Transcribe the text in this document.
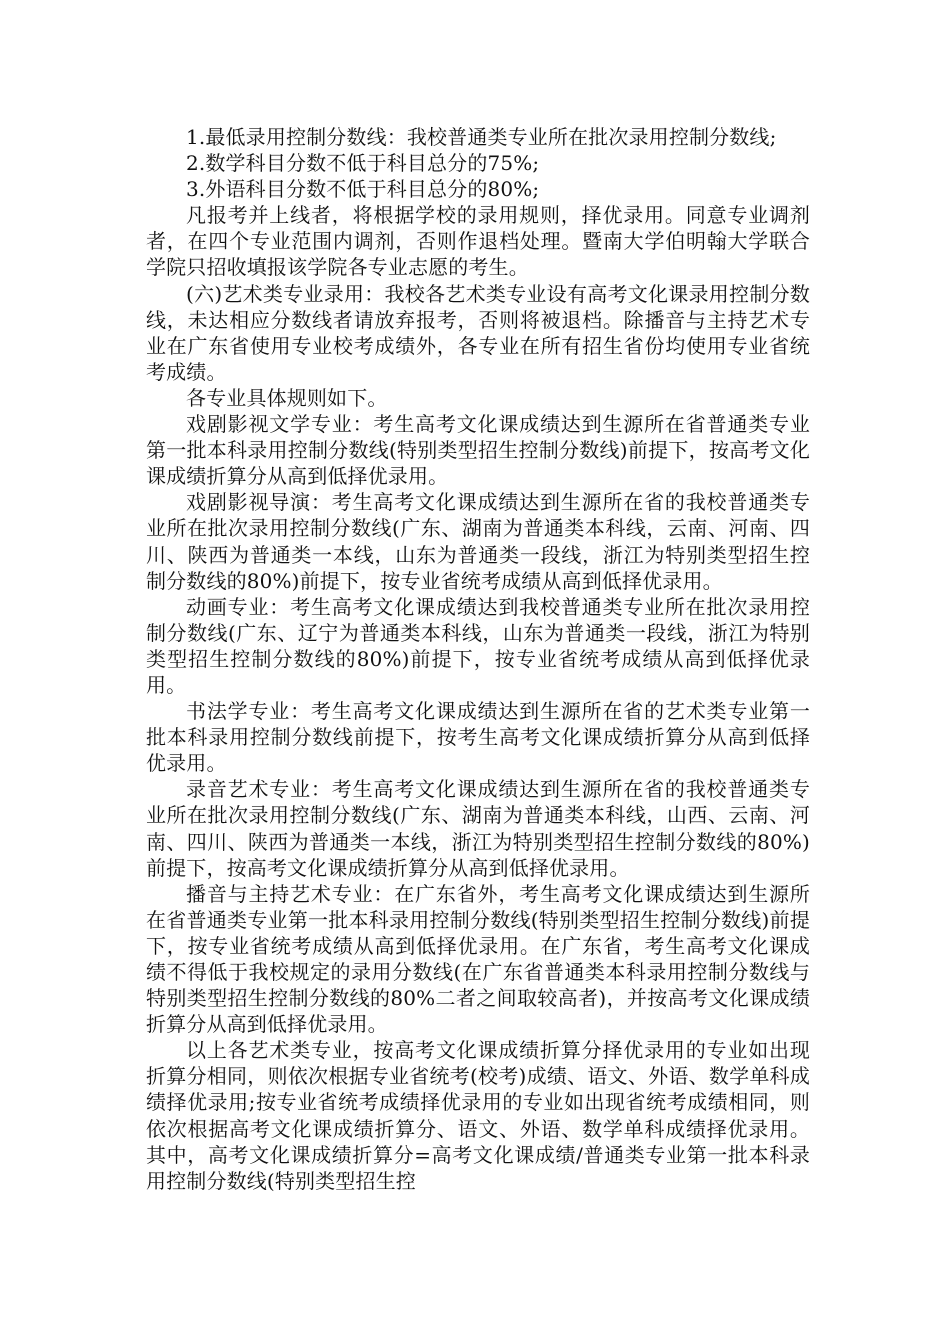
1.最低录用控制分数线：我校普通类专业所在批次录用控制分数线;

2.数学科目分数不低于科目总分的75%;

3.外语科目分数不低于科目总分的80%;

凡报考并上线者，将根据学校的录用规则，择优录用。同意专业调剂者，在四个专业范围内调剂，否则作退档处理。暨南大学伯明翰大学联合学院只招收填报该学院各专业志愿的考生。

(六)艺术类专业录用：我校各艺术类专业设有高考文化课录用控制分数线，未达相应分数线者请放弃报考，否则将被退档。除播音与主持艺术专业在广东省使用专业校考成绩外，各专业在所有招生省份均使用专业省统考成绩。

各专业具体规则如下。

戏剧影视文学专业：考生高考文化课成绩达到生源所在省普通类专业第一批本科录用控制分数线(特别类型招生控制分数线)前提下，按高考文化课成绩折算分从高到低择优录用。

戏剧影视导演：考生高考文化课成绩达到生源所在省的我校普通类专业所在批次录用控制分数线(广东、湖南为普通类本科线，云南、河南、四川、陕西为普通类一本线，山东为普通类一段线，浙江为特别类型招生控制分数线的80%)前提下，按专业省统考成绩从高到低择优录用。

动画专业：考生高考文化课成绩达到我校普通类专业所在批次录用控制分数线(广东、辽宁为普通类本科线，山东为普通类一段线，浙江为特别类型招生控制分数线的80%)前提下，按专业省统考成绩从高到低择优录用。

书法学专业：考生高考文化课成绩达到生源所在省的艺术类专业第一批本科录用控制分数线前提下，按考生高考文化课成绩折算分从高到低择优录用。

录音艺术专业：考生高考文化课成绩达到生源所在省的我校普通类专业所在批次录用控制分数线(广东、湖南为普通类本科线，山西、云南、河南、四川、陕西为普通类一本线，浙江为特别类型招生控制分数线的80%)前提下，按高考文化课成绩折算分从高到低择优录用。

播音与主持艺术专业：在广东省外，考生高考文化课成绩达到生源所在省普通类专业第一批本科录用控制分数线(特别类型招生控制分数线)前提下，按专业省统考成绩从高到低择优录用。在广东省，考生高考文化课成绩不得低于我校规定的录用分数线(在广东省普通类本科录用控制分数线与特别类型招生控制分数线的80%二者之间取较高者)，并按高考文化课成绩折算分从高到低择优录用。

以上各艺术类专业，按高考文化课成绩折算分择优录用的专业如出现折算分相同，则依次根据专业省统考(校考)成绩、语文、外语、数学单科成绩择优录用;按专业省统考成绩择优录用的专业如出现省统考成绩相同，则依次根据高考文化课成绩折算分、语文、外语、数学单科成绩择优录用。其中，高考文化课成绩折算分=高考文化课成绩/普通类专业第一批本科录用控制分数线(特别类型招生控
